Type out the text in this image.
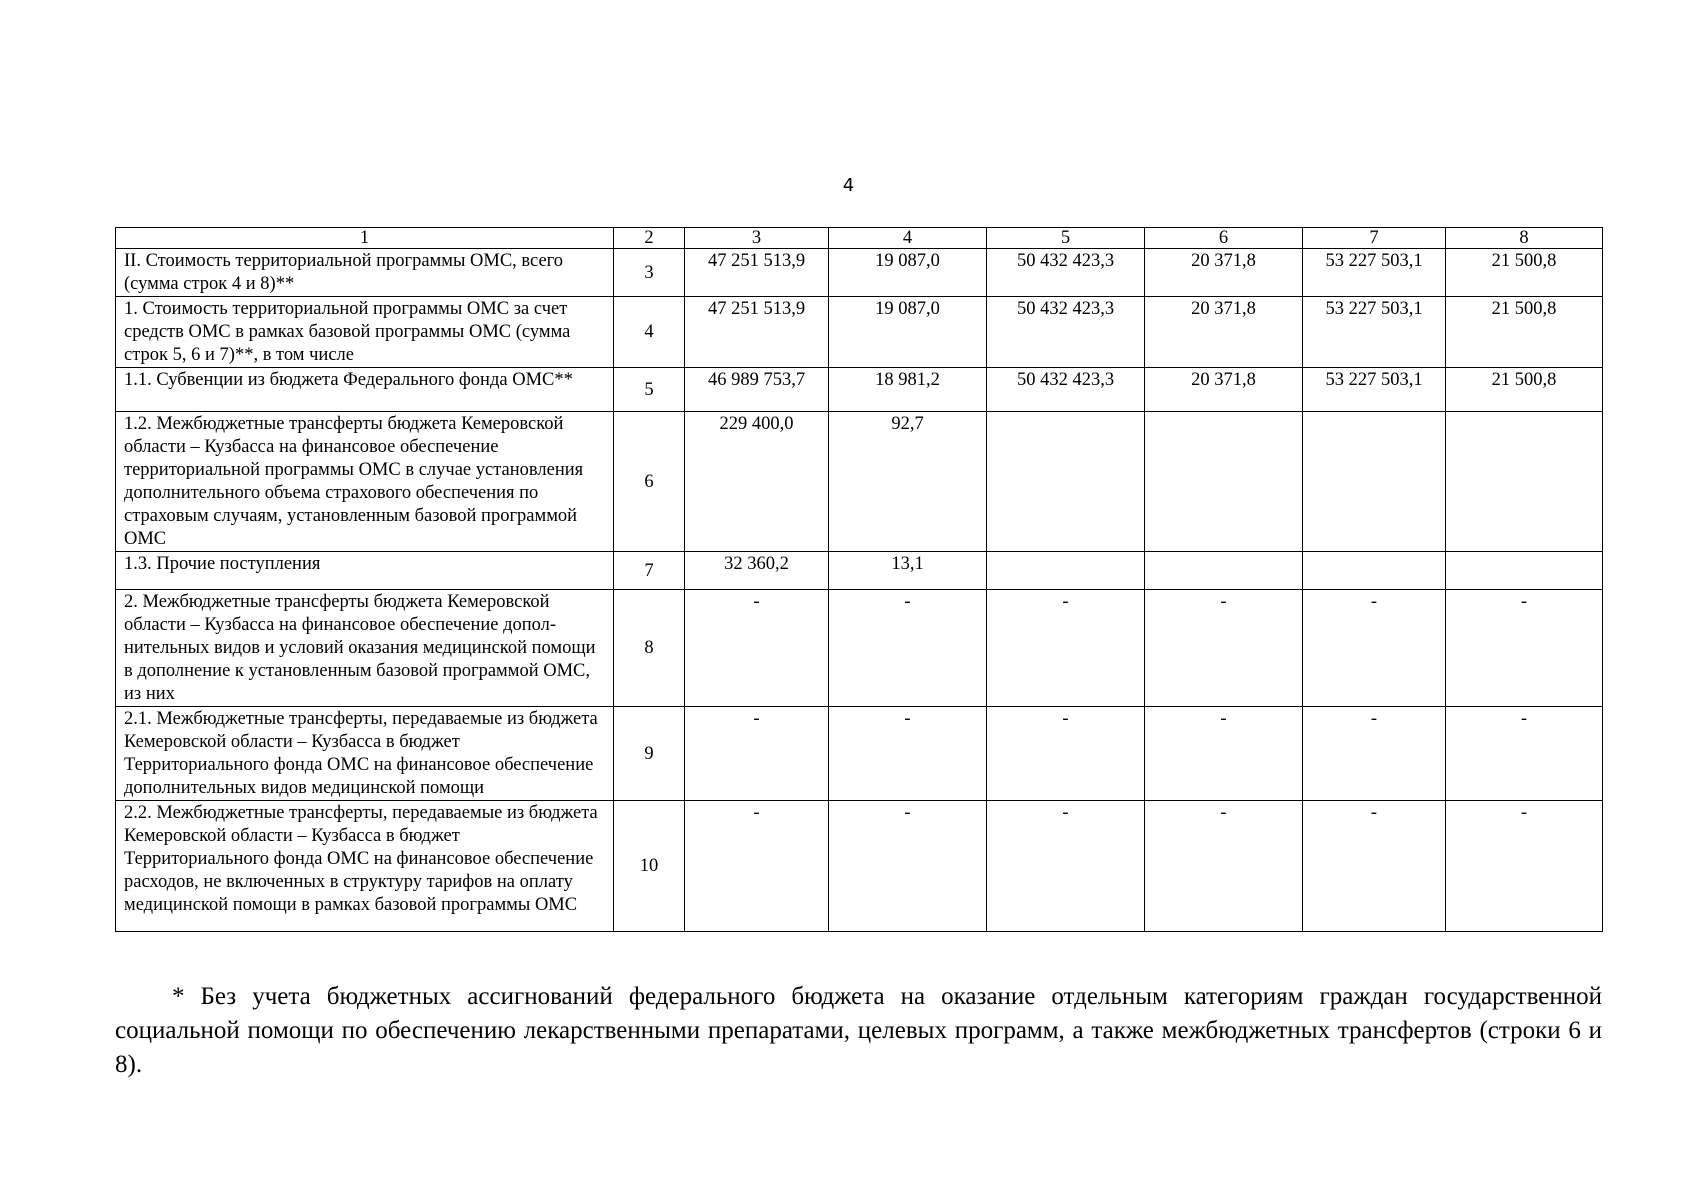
4
1	2	3	4	5	6	7	8
II. Стоимость территориальной программы ОМС, всего (сумма строк 4 и 8)**	3	47 251 513,9	19 087,0	50 432 423,3	20 371,8	53 227 503,1	21 500,8
1. Стоимость территориальной программы ОМС за счет средств ОМС в рамках базовой программы ОМС (сумма строк 5, 6 и 7)**, в том числе	4	47 251 513,9	19 087,0	50 432 423,3	20 371,8	53 227 503,1	21 500,8
1.1. Субвенции из бюджета Федерального фонда ОМС**	5	46 989 753,7	18 981,2	50 432 423,3	20 371,8	53 227 503,1	21 500,8
1.2. Межбюджетные трансферты бюджета Кемеровской области – Кузбасса на финансовое обеспечение территориальной программы ОМС в случае установления дополнительного объема страхового обеспечения по страховым случаям, установленным базовой программой ОМС	6	229 400,0	92,7				
1.3. Прочие поступления	7	32 360,2	13,1				
2. Межбюджетные трансферты бюджета Кемеровской области – Кузбасса на финансовое обеспечение дополнительных видов и условий оказания медицинской помощи в дополнение к установленным базовой программой ОМС, из них	8	-	-	-	-	-	-
2.1. Межбюджетные трансферты, передаваемые из бюджета Кемеровской области – Кузбасса в бюджет Территориального фонда ОМС на финансовое обеспечение дополнительных видов медицинской помощи	9	-	-	-	-	-	-
2.2. Межбюджетные трансферты, передаваемые из бюджета Кемеровской области – Кузбасса в бюджет Территориального фонда ОМС на финансовое обеспечение расходов, не включенных в структуру тарифов на оплату медицинской помощи в рамках базовой программы ОМС	10	-	-	-	-	-	-
* Без учета бюджетных ассигнований федерального бюджета на оказание отдельным категориям граждан государственной социальной помощи по обеспечению лекарственными препаратами, целевых программ, а также межбюджетных трансфертов (строки 6 и 8).
